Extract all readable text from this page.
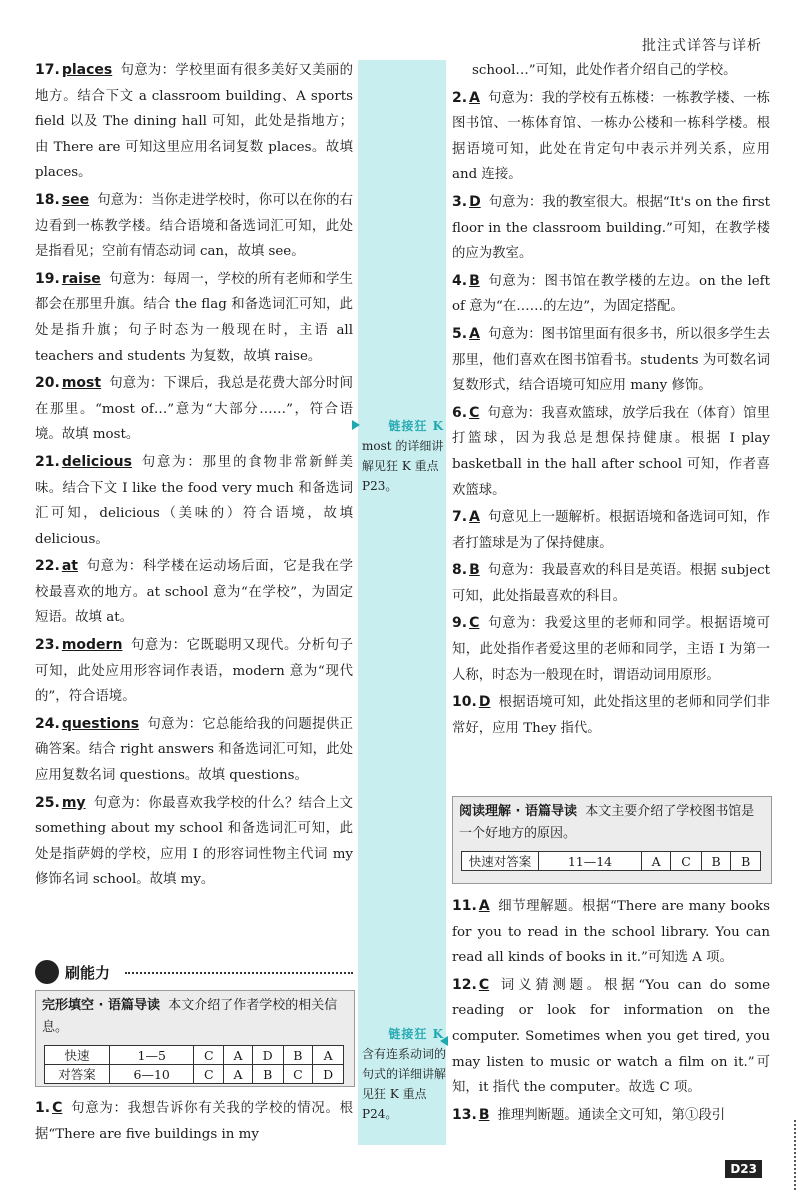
批注式详答与详析
17. places 句意为：学校里面有很多美好又美丽的地方。结合下文 a classroom building、A sports field 以及 The dining hall 可知，此处是指地方；由 There are 可知这里应用名词复数 places。故填 places。
18. see 句意为：当你走进学校时，你可以在你的右边看到一栋教学楼。结合语境和备选词汇可知，此处是指看见；空前有情态动词 can，故填 see。
19. raise 句意为：每周一，学校的所有老师和学生都会在那里升旗。结合 the flag 和备选词汇可知，此处是指升旗；句子时态为一般现在时，主语 all teachers and students 为复数，故填 raise。
20. most 句意为：下课后，我总是花费大部分时间在那里。“most of…”意为“大部分……”，符合语境。故填 most。
21. delicious 句意为：那里的食物非常新鲜美味。结合下文 I like the food very much 和备选词汇可知，delicious（美味的）符合语境，故填 delicious。
22. at 句意为：科学楼在运动场后面，它是我在学校最喜欢的地方。at school 意为“在学校”，为固定短语。故填 at。
23. modern 句意为：它既聪明又现代。分析句子可知，此处应用形容词作表语，modern 意为“现代的”，符合语境。
24. questions 句意为：它总能给我的问题提供正确答案。结合 right answers 和备选词汇可知，此处应用复数名词 questions。故填 questions。
25. my 句意为：你最喜欢我学校的什么？结合上文 something about my school 和备选词汇可知，此处是指萨姆的学校，应用 I 的形容词性物主代词 my 修饰名词 school。故填 my。
刷能力
完形填空 · 语篇导读 本文介绍了作者学校的相关信息。
快速	1—5	C	A	D	B	A
对答案	6—10	C	A	B	C	D
1. C 句意为：我想告诉你有关我的学校的情况。根据“There are five buildings in my
链接狂 K
most 的详细讲解见狂 K 重点 P23。
链接狂 K
含有连系动词的句式的详细讲解见狂 K 重点 P24。
school…”可知，此处作者介绍自己的学校。
2. A 句意为：我的学校有五栋楼：一栋教学楼、一栋图书馆、一栋体育馆、一栋办公楼和一栋科学楼。根据语境可知，此处在肯定句中表示并列关系，应用 and 连接。
3. D 句意为：我的教室很大。根据“It's on the first floor in the classroom building.”可知，在教学楼的应为教室。
4. B 句意为：图书馆在教学楼的左边。on the left of 意为“在……的左边”，为固定搭配。
5. A 句意为：图书馆里面有很多书，所以很多学生去那里，他们喜欢在图书馆看书。students 为可数名词复数形式，结合语境可知应用 many 修饰。
6. C 句意为：我喜欢篮球，放学后我在（体育）馆里打篮球，因为我总是想保持健康。根据 I play basketball in the hall after school 可知，作者喜欢篮球。
7. A 句意见上一题解析。根据语境和备选词可知，作者打篮球是为了保持健康。
8. B 句意为：我最喜欢的科目是英语。根据 subject 可知，此处指最喜欢的科目。
9. C 句意为：我爱这里的老师和同学。根据语境可知，此处指作者爱这里的老师和同学，主语 I 为第一人称，时态为一般现在时，谓语动词用原形。
10. D 根据语境可知，此处指这里的老师和同学们非常好，应用 They 指代。
阅读理解 · 语篇导读 本文主要介绍了学校图书馆是一个好地方的原因。
快速对答案	11—14	A	C	B	B
11. A 细节理解题。根据“There are many books for you to read in the school library. You can read all kinds of books in it.”可知选 A 项。
12. C 词义猜测题。根据“You can do some reading or look for information on the computer. Sometimes when you get tired, you may listen to music or watch a film on it.”可知，it 指代 the computer。故选 C 项。
13. B 推理判断题。通读全文可知，第①段引
D23
